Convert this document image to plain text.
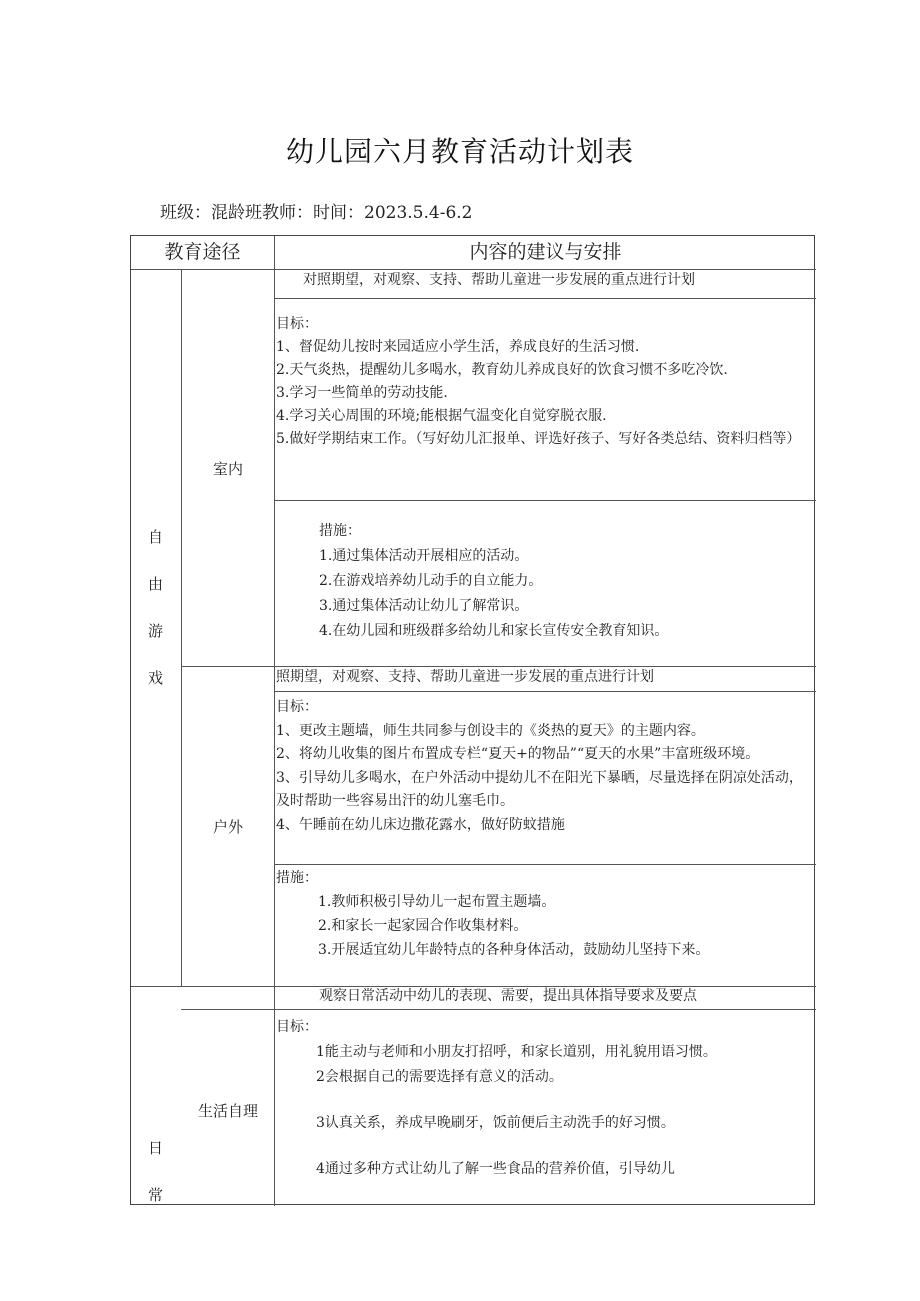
幼儿园六月教育活动计划表
班级：混龄班教师：时间：2023.5.4-6.2
教育途径	内容的建议与安排
自
由
游
戏
室内
对照期望，对观察、支持、帮助儿童进一步发展的重点进行计划

目标：

1、督促幼儿按时来园适应小学生活，养成良好的生活习惯.

2.天气炎热，提醒幼儿多喝水，教育幼儿养成良好的饮食习惯不多吃冷饮.

3.学习一些简单的劳动技能.

4.学习关心周围的环境;能根据气温变化自觉穿脱衣服.

5.做好学期结束工作。（写好幼儿汇报单、评选好孩子、写好各类总结、资料归档等）

措施：

1.通过集体活动开展相应的活动。

2.在游戏培养幼儿动手的自立能力。

3.通过集体活动让幼儿了解常识。

4.在幼儿园和班级群多给幼儿和家长宣传安全教育知识。

户外
照期望，对观察、支持、帮助儿童进一步发展的重点进行计划

目标：

1、更改主题墙，师生共同参与创设丰的《炎热的夏天》的主题内容。

2、将幼儿收集的图片布置成专栏“夏天+的物品”“夏天的水果”丰富班级环境。

3、引导幼儿多喝水，在户外活动中提幼儿不在阳光下暴晒，尽量选择在阴凉处活动，及时帮助一些容易出汗的幼儿塞毛巾。

4、午睡前在幼儿床边撒花露水，做好防蚊措施

措施：

1.教师积极引导幼儿一起布置主题墙。

2.和家长一起家园合作收集材料。

3.开展适宜幼儿年龄特点的各种身体活动，鼓励幼儿坚持下来。

日
常
观察日常活动中幼儿的表现、需要，提出具体指导要求及要点
生活自理

目标：

1能主动与老师和小朋友打招呼，和家长道别，用礼貌用语习惯。

2会根据自己的需要选择有意义的活动。

3认真关系，养成早晚刷牙，饭前便后主动洗手的好习惯。

4通过多种方式让幼儿了解一些食品的营养价值，引导幼儿
